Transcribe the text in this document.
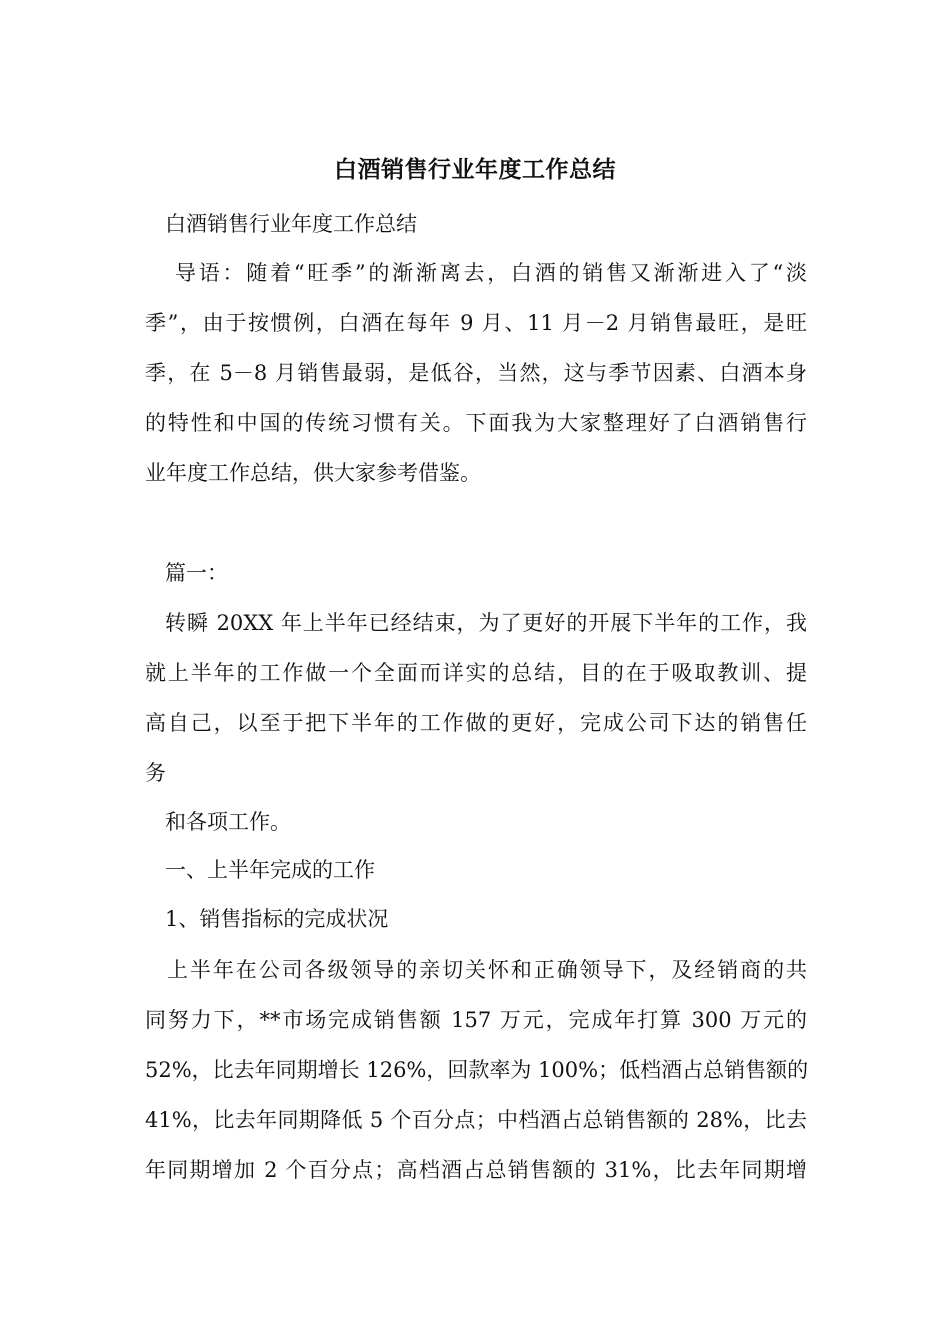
白酒销售行业年度工作总结
白酒销售行业年度工作总结
导语：随着“旺季”的渐渐离去，白酒的销售又渐渐进入了“淡
季”，由于按惯例，白酒在每年 9 月、11 月－2 月销售最旺，是旺
季，在 5－8 月销售最弱，是低谷，当然，这与季节因素、白酒本身
的特性和中国的传统习惯有关。下面我为大家整理好了白酒销售行
业年度工作总结，供大家参考借鉴。
篇一：
转瞬 20XX 年上半年已经结束，为了更好的开展下半年的工作，我
就上半年的工作做一个全面而详实的总结，目的在于吸取教训、提
高自己，以至于把下半年的工作做的更好，完成公司下达的销售任
务
和各项工作。
一、上半年完成的工作
1、销售指标的完成状况
上半年在公司各级领导的亲切关怀和正确领导下，及经销商的共
同努力下，**市场完成销售额 157 万元，完成年打算 300 万元的
52%，比去年同期增长 126%，回款率为 100%；低档酒占总销售额的
41%，比去年同期降低 5 个百分点；中档酒占总销售额的 28%，比去
年同期增加 2 个百分点；高档酒占总销售额的 31%，比去年同期增
